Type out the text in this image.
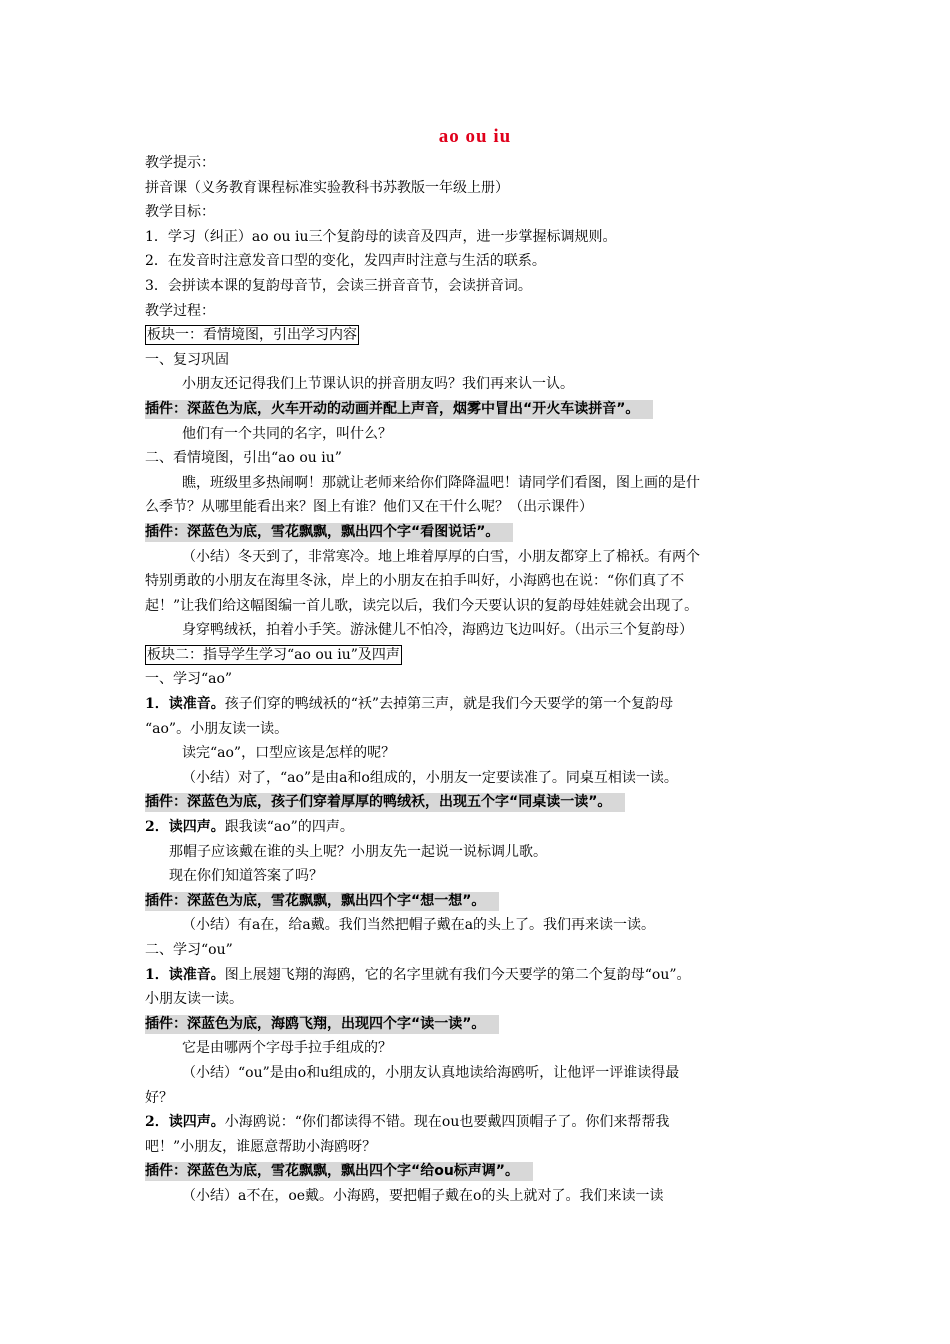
ao ou iu
教学提示：
拼音课（义务教育课程标准实验教科书苏教版一年级上册）
教学目标：
1．学习（纠正）ao ou iu三个复韵母的读音及四声，进一步掌握标调规则。
2．在发音时注意发音口型的变化，发四声时注意与生活的联系。
3．会拼读本课的复韵母音节，会读三拼音音节，会读拼音词。
教学过程：
板块一：看情境图，引出学习内容
一、复习巩固
小朋友还记得我们上节课认识的拼音朋友吗？我们再来认一认。
插件：深蓝色为底，火车开动的动画并配上声音，烟雾中冒出“开火车读拼音”。
他们有一个共同的名字，叫什么？
二、看情境图，引出“ao ou iu”
瞧，班级里多热闹啊！那就让老师来给你们降降温吧！请同学们看图，图上画的是什
么季节？从哪里能看出来？图上有谁？他们又在干什么呢？（出示课件）
插件：深蓝色为底，雪花飘飘，飘出四个字“看图说话”。
（小结）冬天到了，非常寒冷。地上堆着厚厚的白雪，小朋友都穿上了棉袄。有两个
特别勇敢的小朋友在海里冬泳，岸上的小朋友在拍手叫好，小海鸥也在说：“你们真了不
起！”让我们给这幅图编一首儿歌，读完以后，我们今天要认识的复韵母娃娃就会出现了。
身穿鸭绒袄，拍着小手笑。游泳健儿不怕冷，海鸥边飞边叫好。（出示三个复韵母）
板块二：指导学生学习“ao ou iu”及四声
一、学习“ao”
1．读准音。孩子们穿的鸭绒袄的“袄”去掉第三声，就是我们今天要学的第一个复韵母
“ao”。小朋友读一读。
读完“ao”，口型应该是怎样的呢？
（小结）对了，“ao”是由a和o组成的，小朋友一定要读准了。同桌互相读一读。
插件：深蓝色为底，孩子们穿着厚厚的鸭绒袄，出现五个字“同桌读一读”。
2．读四声。跟我读“ao”的四声。
那帽子应该戴在谁的头上呢？小朋友先一起说一说标调儿歌。
现在你们知道答案了吗？
插件：深蓝色为底，雪花飘飘，飘出四个字“想一想”。
（小结）有a在，给a戴。我们当然把帽子戴在a的头上了。我们再来读一读。
二、学习“ou”
1．读准音。图上展翅飞翔的海鸥，它的名字里就有我们今天要学的第二个复韵母“ou”。
小朋友读一读。
插件：深蓝色为底，海鸥飞翔，出现四个字“读一读”。
它是由哪两个字母手拉手组成的？
（小结）“ou”是由o和u组成的，小朋友认真地读给海鸥听，让他评一评谁读得最
好？
2．读四声。小海鸥说：“你们都读得不错。现在ou也要戴四顶帽子了。你们来帮帮我
吧！”小朋友，谁愿意帮助小海鸥呀？
插件：深蓝色为底，雪花飘飘，飘出四个字“给ou标声调”。
（小结）a不在，oe戴。小海鸥，要把帽子戴在o的头上就对了。我们来读一读
